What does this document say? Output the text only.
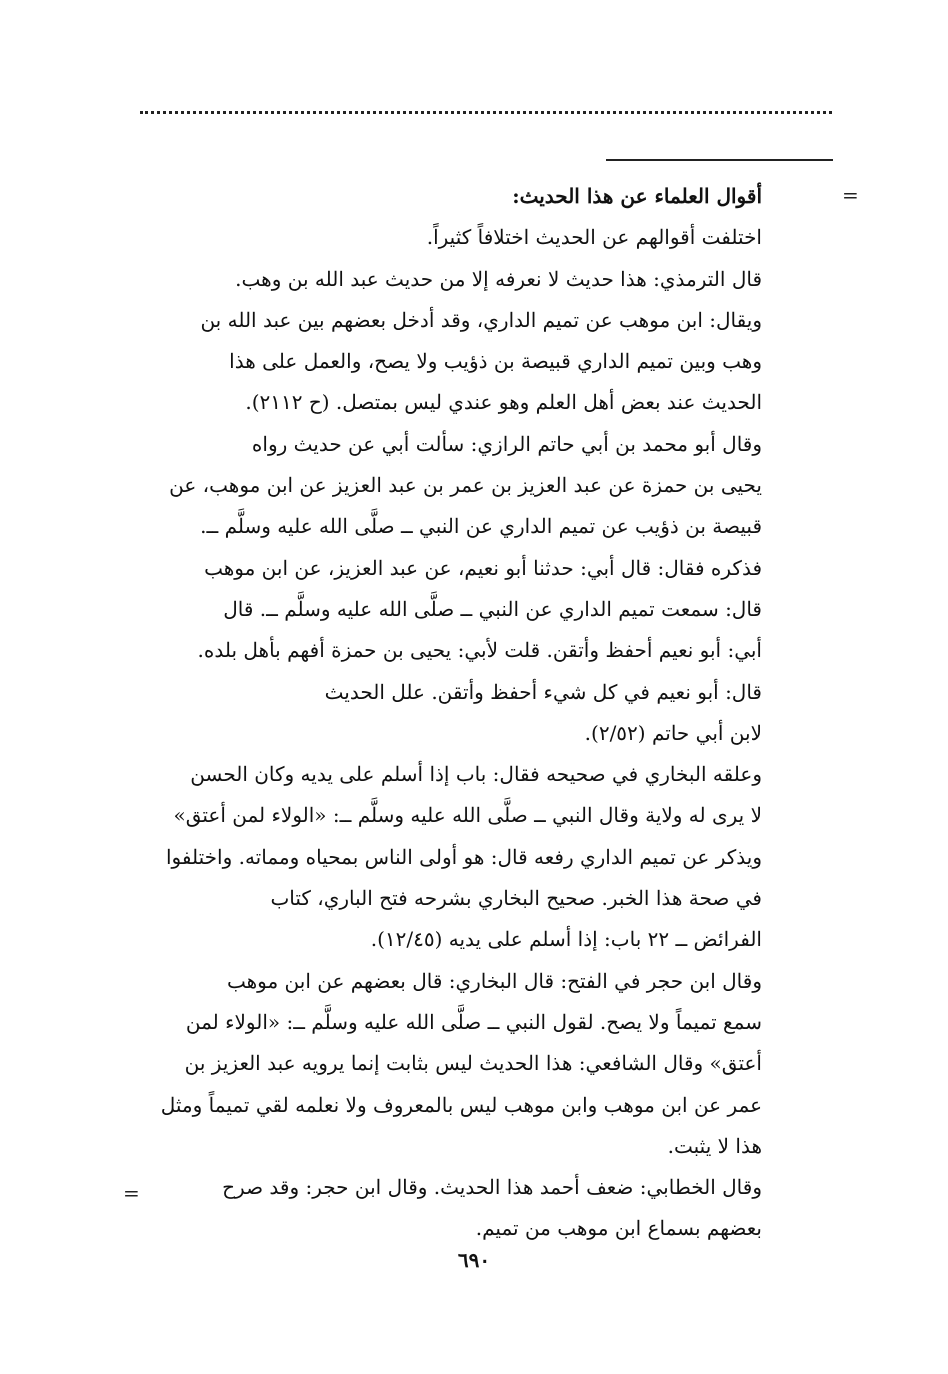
=
=
أقوال العلماء عن هذا الحديث:
اختلفت أقوالهم عن الحديث اختلافاً كثيراً.
قال الترمذي: هذا حديث لا نعرفه إلا من حديث عبد الله بن وهب.
ويقال: ابن موهب عن تميم الداري، وقد أدخل بعضهم بين عبد الله بن
وهب وبين تميم الداري قبيصة بن ذؤيب ولا يصح، والعمل على هذا
الحديث عند بعض أهل العلم وهو عندي ليس بمتصل. (ح ٢١١٢).
وقال أبو محمد بن أبي حاتم الرازي: سألت أبي عن حديث رواه
يحيى بن حمزة عن عبد العزيز بن عمر بن عبد العزيز عن ابن موهب، عن
قبيصة بن ذؤيب عن تميم الداري عن النبي ــ صلَّى الله عليه وسلَّم ــ.
فذكره فقال: قال أبي: حدثنا أبو نعيم، عن عبد العزيز، عن ابن موهب
قال: سمعت تميم الداري عن النبي ــ صلَّى الله عليه وسلَّم ــ. قال
أبي: أبو نعيم أحفظ وأتقن. قلت لأبي: يحيى بن حمزة أفهم بأهل بلده.
قال: أبو نعيم في كل شيء أحفظ وأتقن. علل الحديث
لابن أبي حاتم (٢/٥٢).
وعلقه البخاري في صحيحه فقال: باب إذا أسلم على يديه وكان الحسن
لا يرى له ولاية وقال النبي ــ صلَّى الله عليه وسلَّم ــ: «الولاء لمن أعتق»
ويذكر عن تميم الداري رفعه قال: هو أولى الناس بمحياه ومماته. واختلفوا
في صحة هذا الخبر. صحيح البخاري بشرحه فتح الباري، كتاب
الفرائض ــ ٢٢ باب: إذا أسلم على يديه (١٢/٤٥).
وقال ابن حجر في الفتح: قال البخاري: قال بعضهم عن ابن موهب
سمع تميماً ولا يصح. لقول النبي ــ صلَّى الله عليه وسلَّم ــ: «الولاء لمن
أعتق» وقال الشافعي: هذا الحديث ليس بثابت إنما يرويه عبد العزيز بن
عمر عن ابن موهب وابن موهب ليس بالمعروف ولا نعلمه لقي تميماً ومثل
هذا لا يثبت.
وقال الخطابي: ضعف أحمد هذا الحديث. وقال ابن حجر: وقد صرح
بعضهم بسماع ابن موهب من تميم.
٦٩٠
